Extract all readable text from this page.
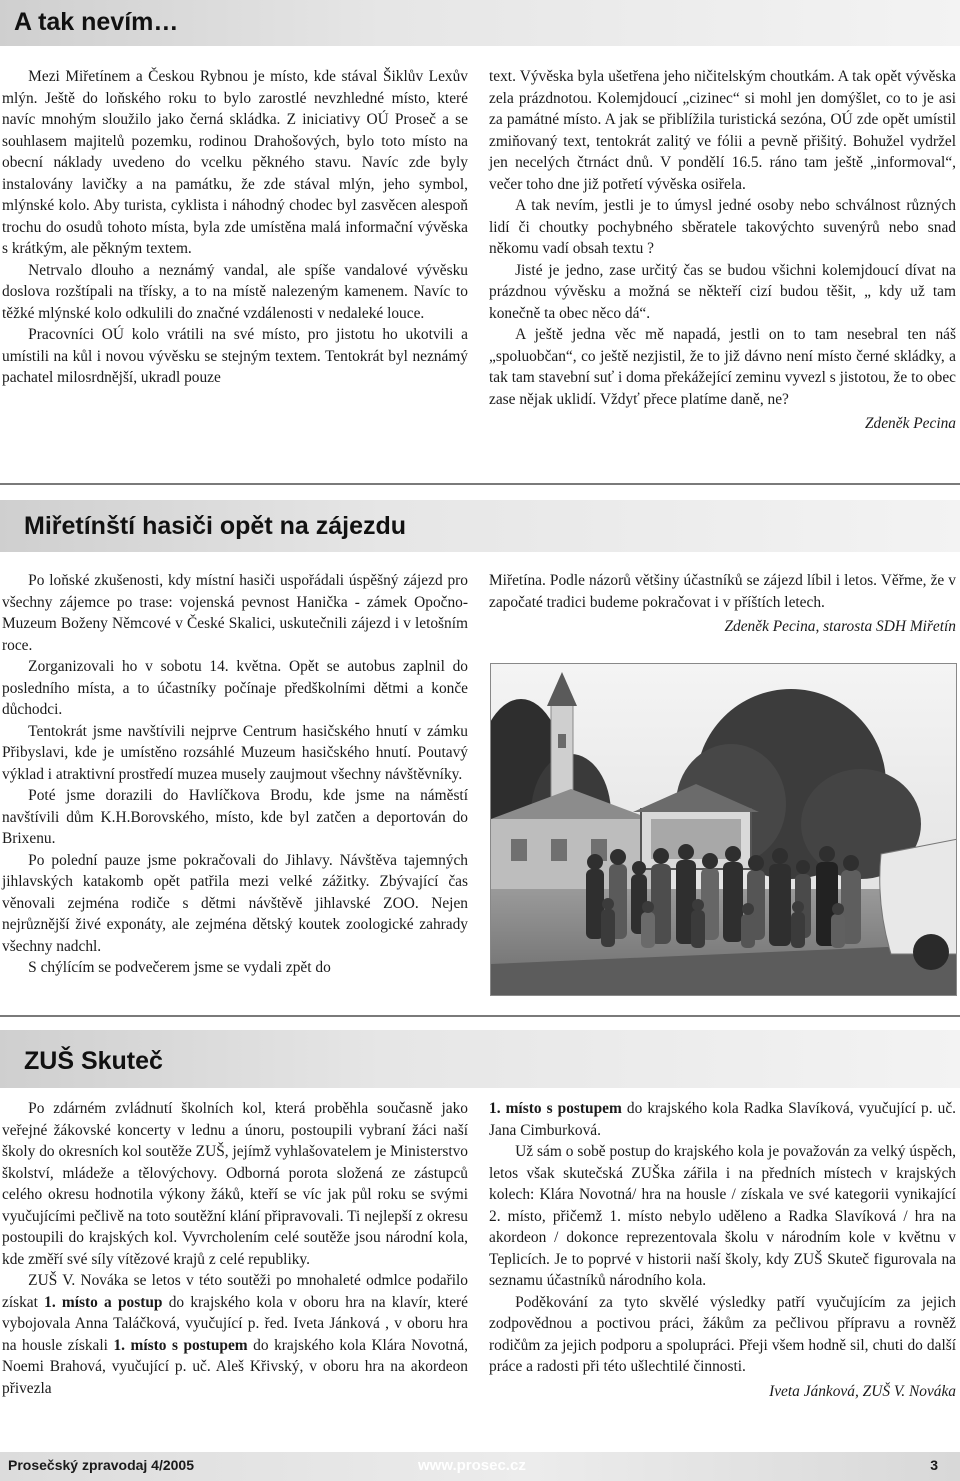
A tak nevím…

Mezi Miřetínem a Českou Rybnou je místo, kde stával Šiklův Lexův mlýn. Ještě do loňského roku to bylo zarostlé nevzhledné místo, které navíc mnohým sloužilo jako černá skládka. Z iniciativy OÚ Proseč a se souhlasem majitelů pozemku, rodinou Drahošových, bylo toto místo na obecní náklady uvedeno do vcelku pěkného stavu. Navíc zde byly instalovány lavičky a na památku, že zde stával mlýn, jeho symbol, mlýnské kolo. Aby turista, cyklista i náhodný chodec byl zasvěcen alespoň trochu do osudů tohoto místa, byla zde umístěna malá informační vývěska s krátkým, ale pěkným textem.

Netrvalo dlouho a neznámý vandal, ale spíše vandalové vývěsku doslova rozštípali na třísky, a to na místě nalezeným kamenem. Navíc to těžké mlýnské kolo odkulili do značné vzdálenosti v nedaleké louce.

Pracovníci OÚ kolo vrátili na své místo, pro jistotu ho ukotvili a umístili na kůl i novou vývěsku se stejným textem. Tentokrát byl neznámý pachatel milosrdnější, ukradl pouze

text. Vývěska byla ušetřena jeho ničitelským choutkám. A tak opět vývěska zela prázdnotou. Kolemjdoucí „cizinec“ si mohl jen domýšlet, co to je asi za památné místo. A jak se přiblížila turistická sezóna, OÚ zde opět umístil zmiňovaný text, tentokrát zalitý ve fólii a pevně přišitý. Bohužel vydržel jen necelých čtrnáct dnů. V pondělí 16.5. ráno tam ještě „informoval“, večer toho dne již potřetí vývěska osiřela.

A tak nevím, jestli je to úmysl jedné osoby nebo schválnost různých lidí či choutky pochybného sběratele takovýchto suvenýrů nebo snad někomu vadí obsah textu ?

Jisté je jedno, zase určitý čas se budou všichni kolemjdoucí dívat na prázdnou vývěsku a možná se někteří cizí budou těšit, „ kdy už tam konečně ta obec něco dá“.

A ještě jedna věc mě napadá, jestli on to tam nesebral ten náš „spoluobčan“, co ještě nezjistil, že to již dávno není místo černé skládky, a tak tam stavební suť i doma překážející zeminu vyvezl s jistotou, že to obec zase nějak uklidí. Vždyť přece platíme daně, ne?

Zdeněk Pecina

Miřetínští hasiči opět na zájezdu

Po loňské zkušenosti, kdy místní hasiči uspořádali úspěšný zájezd pro všechny zájemce po trase: vojenská pevnost Hanička - zámek Opočno- Muzeum Boženy Němcové v České Skalici, uskutečnili zájezd i v letošním roce.

Zorganizovali ho v sobotu 14. května. Opět se autobus zaplnil do posledního místa, a to účastníky počínaje předškolními dětmi a konče důchodci.

Tentokrát jsme navštívili nejprve Centrum hasičského hnutí v zámku Přibyslavi, kde je umístěno rozsáhlé Muzeum hasičského hnutí. Poutavý výklad i atraktivní prostředí muzea musely zaujmout všechny návštěvníky.

Poté jsme dorazili do Havlíčkova Brodu, kde jsme na náměstí navštívili dům K.H.Borovského, místo, kde byl zatčen a deportován do Brixenu.

Po polední pauze jsme pokračovali do Jihlavy. Návštěva tajemných jihlavských katakomb opět patřila mezi velké zážitky. Zbývající čas věnovali zejména rodiče s dětmi návštěvě jihlavské ZOO. Nejen nejrůznější živé exponáty, ale zejména dětský koutek zoologické zahrady všechny nadchl.

S chýlícím se podvečerem jsme se vydali zpět do

Miřetína. Podle názorů většiny účastníků se zájezd líbil i letos. Věřme, že v započaté tradici budeme pokračovat i v příštích letech.

Zdeněk Pecina, starosta SDH Miřetín

ZUŠ Skuteč

Po zdárném zvládnutí školních kol, která proběhla současně jako veřejné žákovské koncerty v lednu a únoru, postoupili vybraní žáci naší školy do okresních kol soutěže ZUŠ, jejímž vyhlašovatelem je Ministerstvo školství, mládeže a tělovýchovy. Odborná porota složená ze zástupců celého okresu hodnotila výkony žáků, kteří se víc jak půl roku se svými vyučujícími pečlivě na toto soutěžní klání připravovali. Ti nejlepší z okresu postoupili do krajských kol. Vyvrcholením celé soutěže jsou národní kola, kde změří své síly vítězové krajů z celé republiky.

ZUŠ V. Nováka se letos v této soutěži po mnohaleté odmlce podařilo získat 1. místo a postup do krajského kola v oboru hra na klavír, které vybojovala Anna Taláčková, vyučující p. řed. Iveta Jánková , v oboru hra na housle získali 1. místo s postupem do krajského kola Klára Novotná, Noemi Brahová, vyučující p. uč. Aleš Křivský, v oboru hra na akordeon přivezla

1. místo s postupem do krajského kola Radka Slavíková, vyučující p. uč. Jana Cimburková.

Už sám o sobě postup do krajského kola je považován za velký úspěch, letos však skutečská ZUŠka zářila i na předních místech v krajských kolech: Klára Novotná/ hra na housle / získala ve své kategorii vynikající 2. místo, přičemž 1. místo nebylo uděleno a Radka Slavíková / hra na akordeon / dokonce reprezentovala školu v národním kole v květnu v Teplicích. Je to poprvé v historii naší školy, kdy ZUŠ Skuteč figurovala na seznamu účastníků národního kola.

Poděkování za tyto skvělé výsledky patří vyučujícím za jejich zodpovědnou a poctivou práci, žákům za pečlivou přípravu a rovněž rodičům za jejich podporu a spolupráci. Přeji všem hodně sil, chuti do další práce a radosti při této ušlechtilé činnosti.

Iveta Jánková, ZUŠ V. Nováka

Prosečský zpravodaj 4/2005	www.prosec.cz	3
